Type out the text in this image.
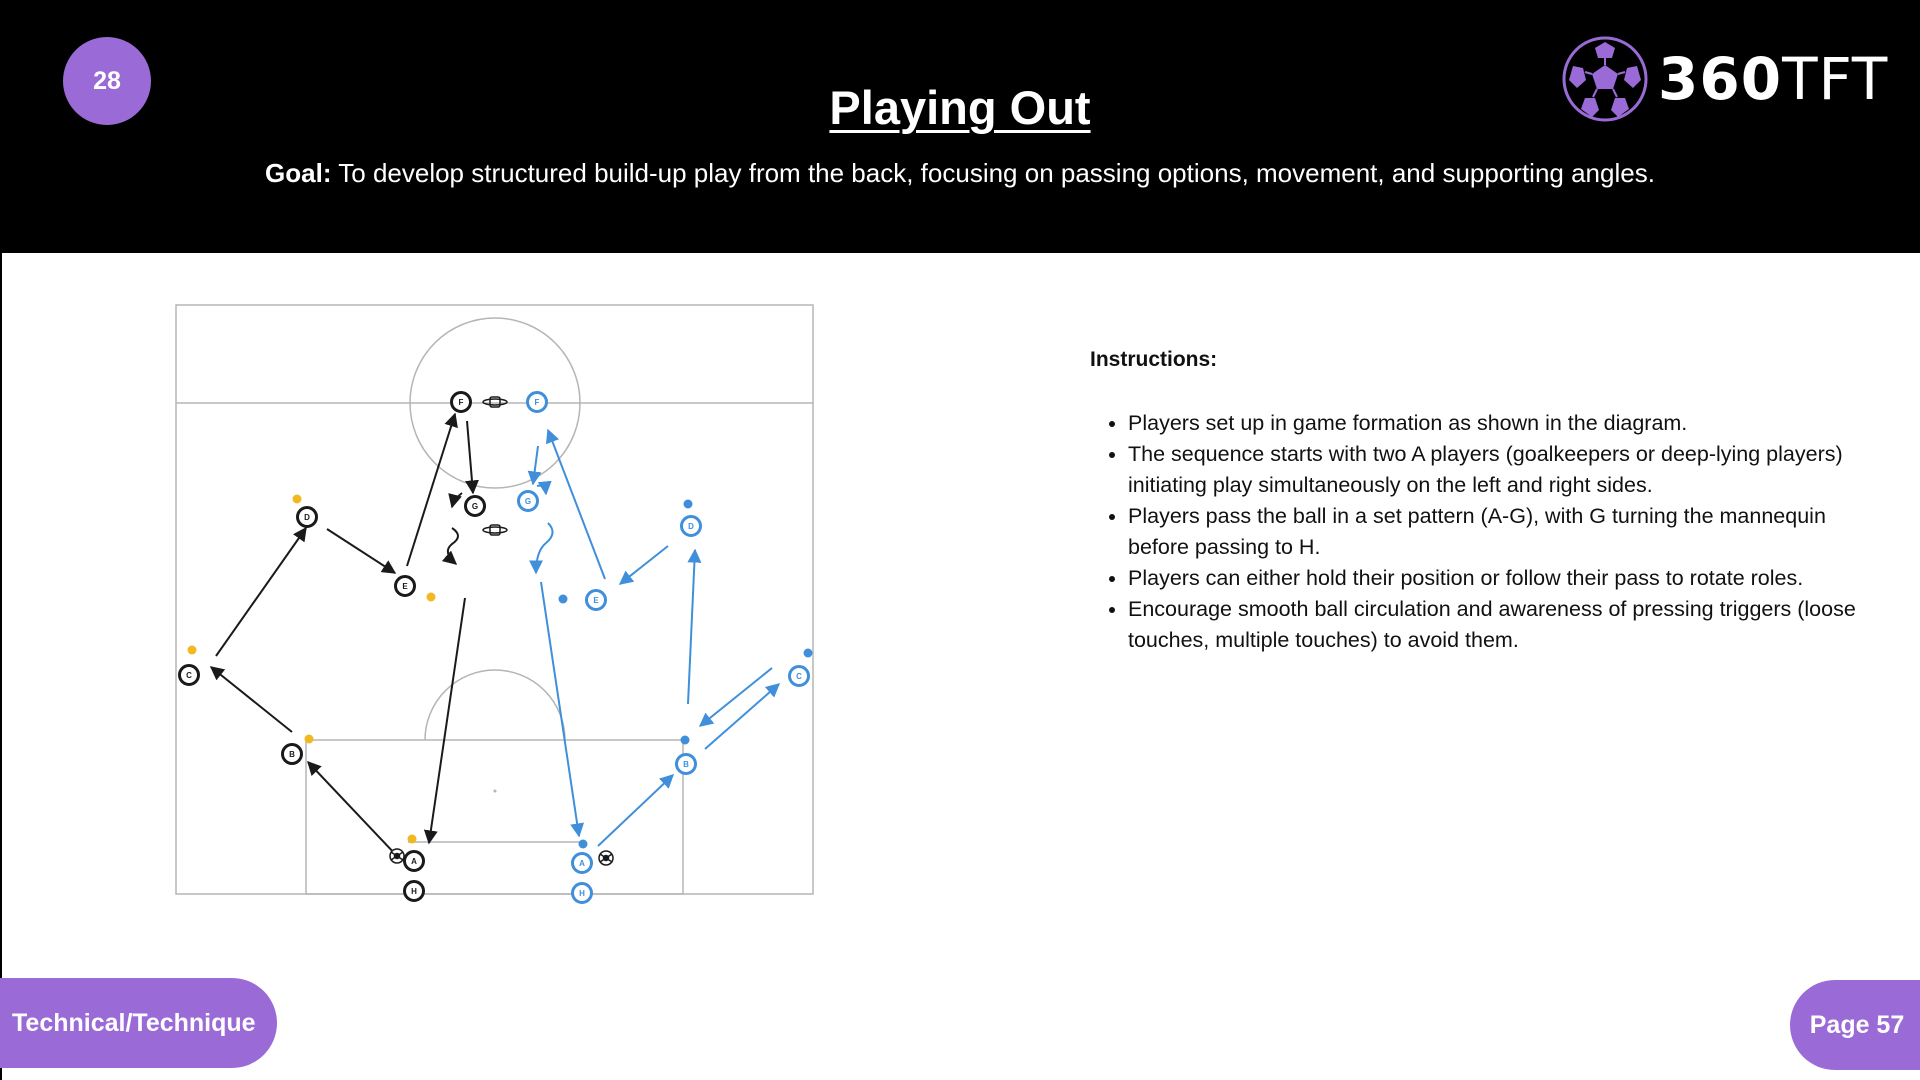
28
Playing Out
Goal: To develop structured build-up play from the back, focusing on passing options, movement, and supporting angles.
360TFT
F
G
D
E
C
B
A
H
F
G
D
E
C
B
A
H

Instructions:

• Players set up in game formation as shown in the diagram.
• The sequence starts with two A players (goalkeepers or deep-lying players) initiating play simultaneously on the left and right sides.
• Players pass the ball in a set pattern (A-G), with G turning the mannequin before passing to H.
• Players can either hold their position or follow their pass to rotate roles.
• Encourage smooth ball circulation and awareness of pressing triggers (loose touches, multiple touches) to avoid them.
Technical/Technique	Page 57
